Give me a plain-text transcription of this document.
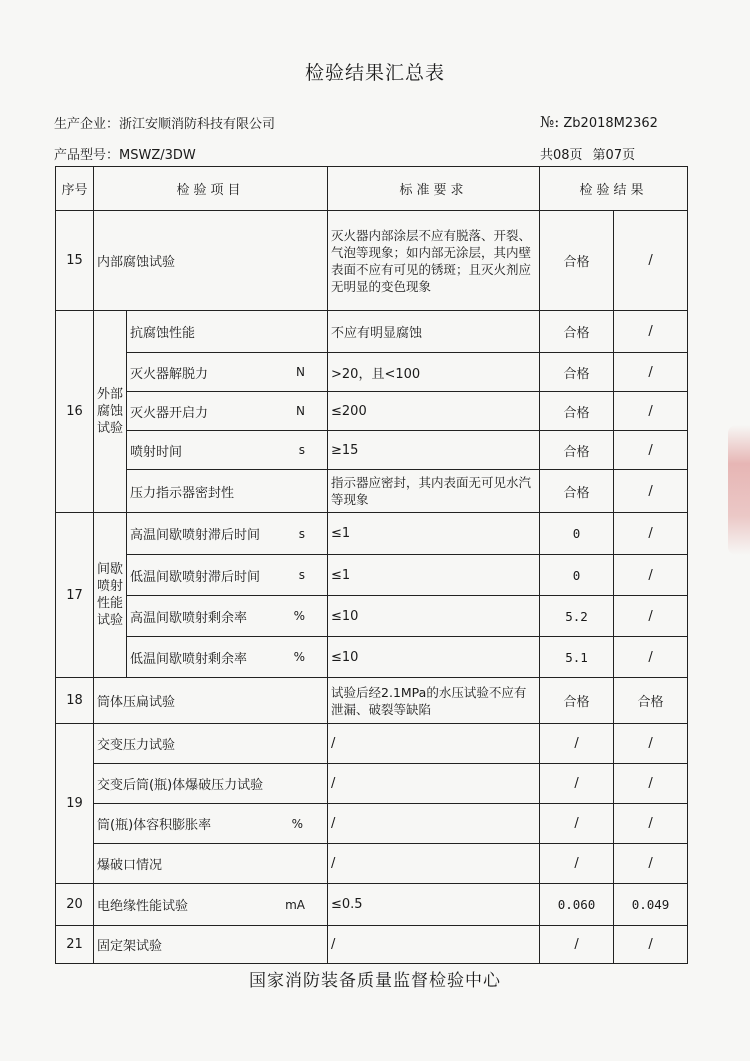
检验结果汇总表
生产企业：浙江安顺消防科技有限公司	№: Zb2018M2362
产品型号：MSWZ/3DW	共08页 第07页
序号	检验项目		标准要求	检验结果	
15	内部腐蚀试验		灭火器内部涂层不应有脱落、开裂、气泡等现象；如内部无涂层，其内壁表面不应有可见的锈斑；且灭火剂应无明显的变色现象	合格	/
16	外部腐蚀试验	抗腐蚀性能	不应有明显腐蚀	合格	/
		灭火器解脱力 N	>20，且<100	合格	/
		灭火器开启力 N	≤200	合格	/
		喷射时间 s	≥15	合格	/
		压力指示器密封性	指示器应密封，其内表面无可见水汽等现象	合格	/
17	间歇喷射性能试验	高温间歇喷射滞后时间 s	≤1	0	/
		低温间歇喷射滞后时间 s	≤1	0	/
		高温间歇喷射剩余率 %	≤10	5.2	/
		低温间歇喷射剩余率 %	≤10	5.1	/
18	筒体压扁试验		试验后经2.1MPa的水压试验不应有泄漏、破裂等缺陷	合格	合格
19	交变压力试验		/	/	/
	交变后筒(瓶)体爆破压力试验		/	/	/
	筒(瓶)体容积膨胀率 %		/	/	/
	爆破口情况		/	/	/
20	电绝缘性能试验 mA		≤0.5	0.060	0.049
21	固定架试验		/	/	/
国家消防装备质量监督检验中心
